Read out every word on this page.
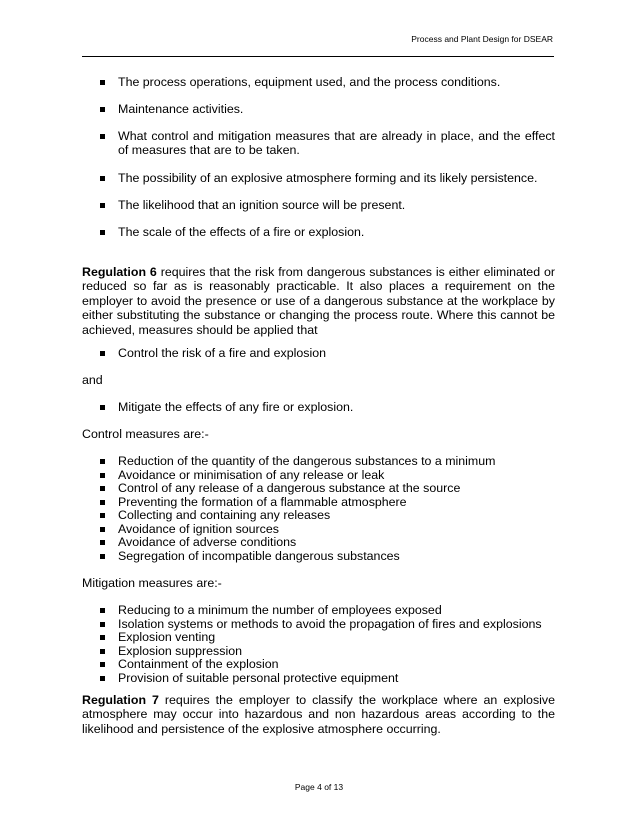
Process and Plant Design for DSEAR
The process operations, equipment used, and the process conditions.
Maintenance activities.
What control and mitigation measures that are already in place, and the effect of measures that are to be taken.
The possibility of an explosive atmosphere forming and its likely persistence.
The likelihood that an ignition source will be present.
The scale of the effects of a fire or explosion.
Regulation 6 requires that the risk from dangerous substances is either eliminated or reduced so far as is reasonably practicable. It also places a requirement on the employer to avoid the presence or use of a dangerous substance at the workplace by either substituting the substance or changing the process route. Where this cannot be achieved, measures should be applied that
Control the risk of a fire and explosion
and
Mitigate the effects of any fire or explosion.
Control measures are:-
Reduction of the quantity of the dangerous substances to a minimum
Avoidance or minimisation of any release or leak
Control of any release of a dangerous substance at the source
Preventing the formation of a flammable atmosphere
Collecting and containing any releases
Avoidance of ignition sources
Avoidance of adverse conditions
Segregation of incompatible dangerous substances
Mitigation measures are:-
Reducing to a minimum the number of employees exposed
Isolation systems or methods to avoid the propagation of fires and explosions
Explosion venting
Explosion suppression
Containment of the explosion
Provision of suitable personal protective equipment
Regulation 7 requires the employer to classify the workplace where an explosive atmosphere may occur into hazardous and non hazardous areas according to the likelihood and persistence of the explosive atmosphere occurring.
Page 4 of 13
